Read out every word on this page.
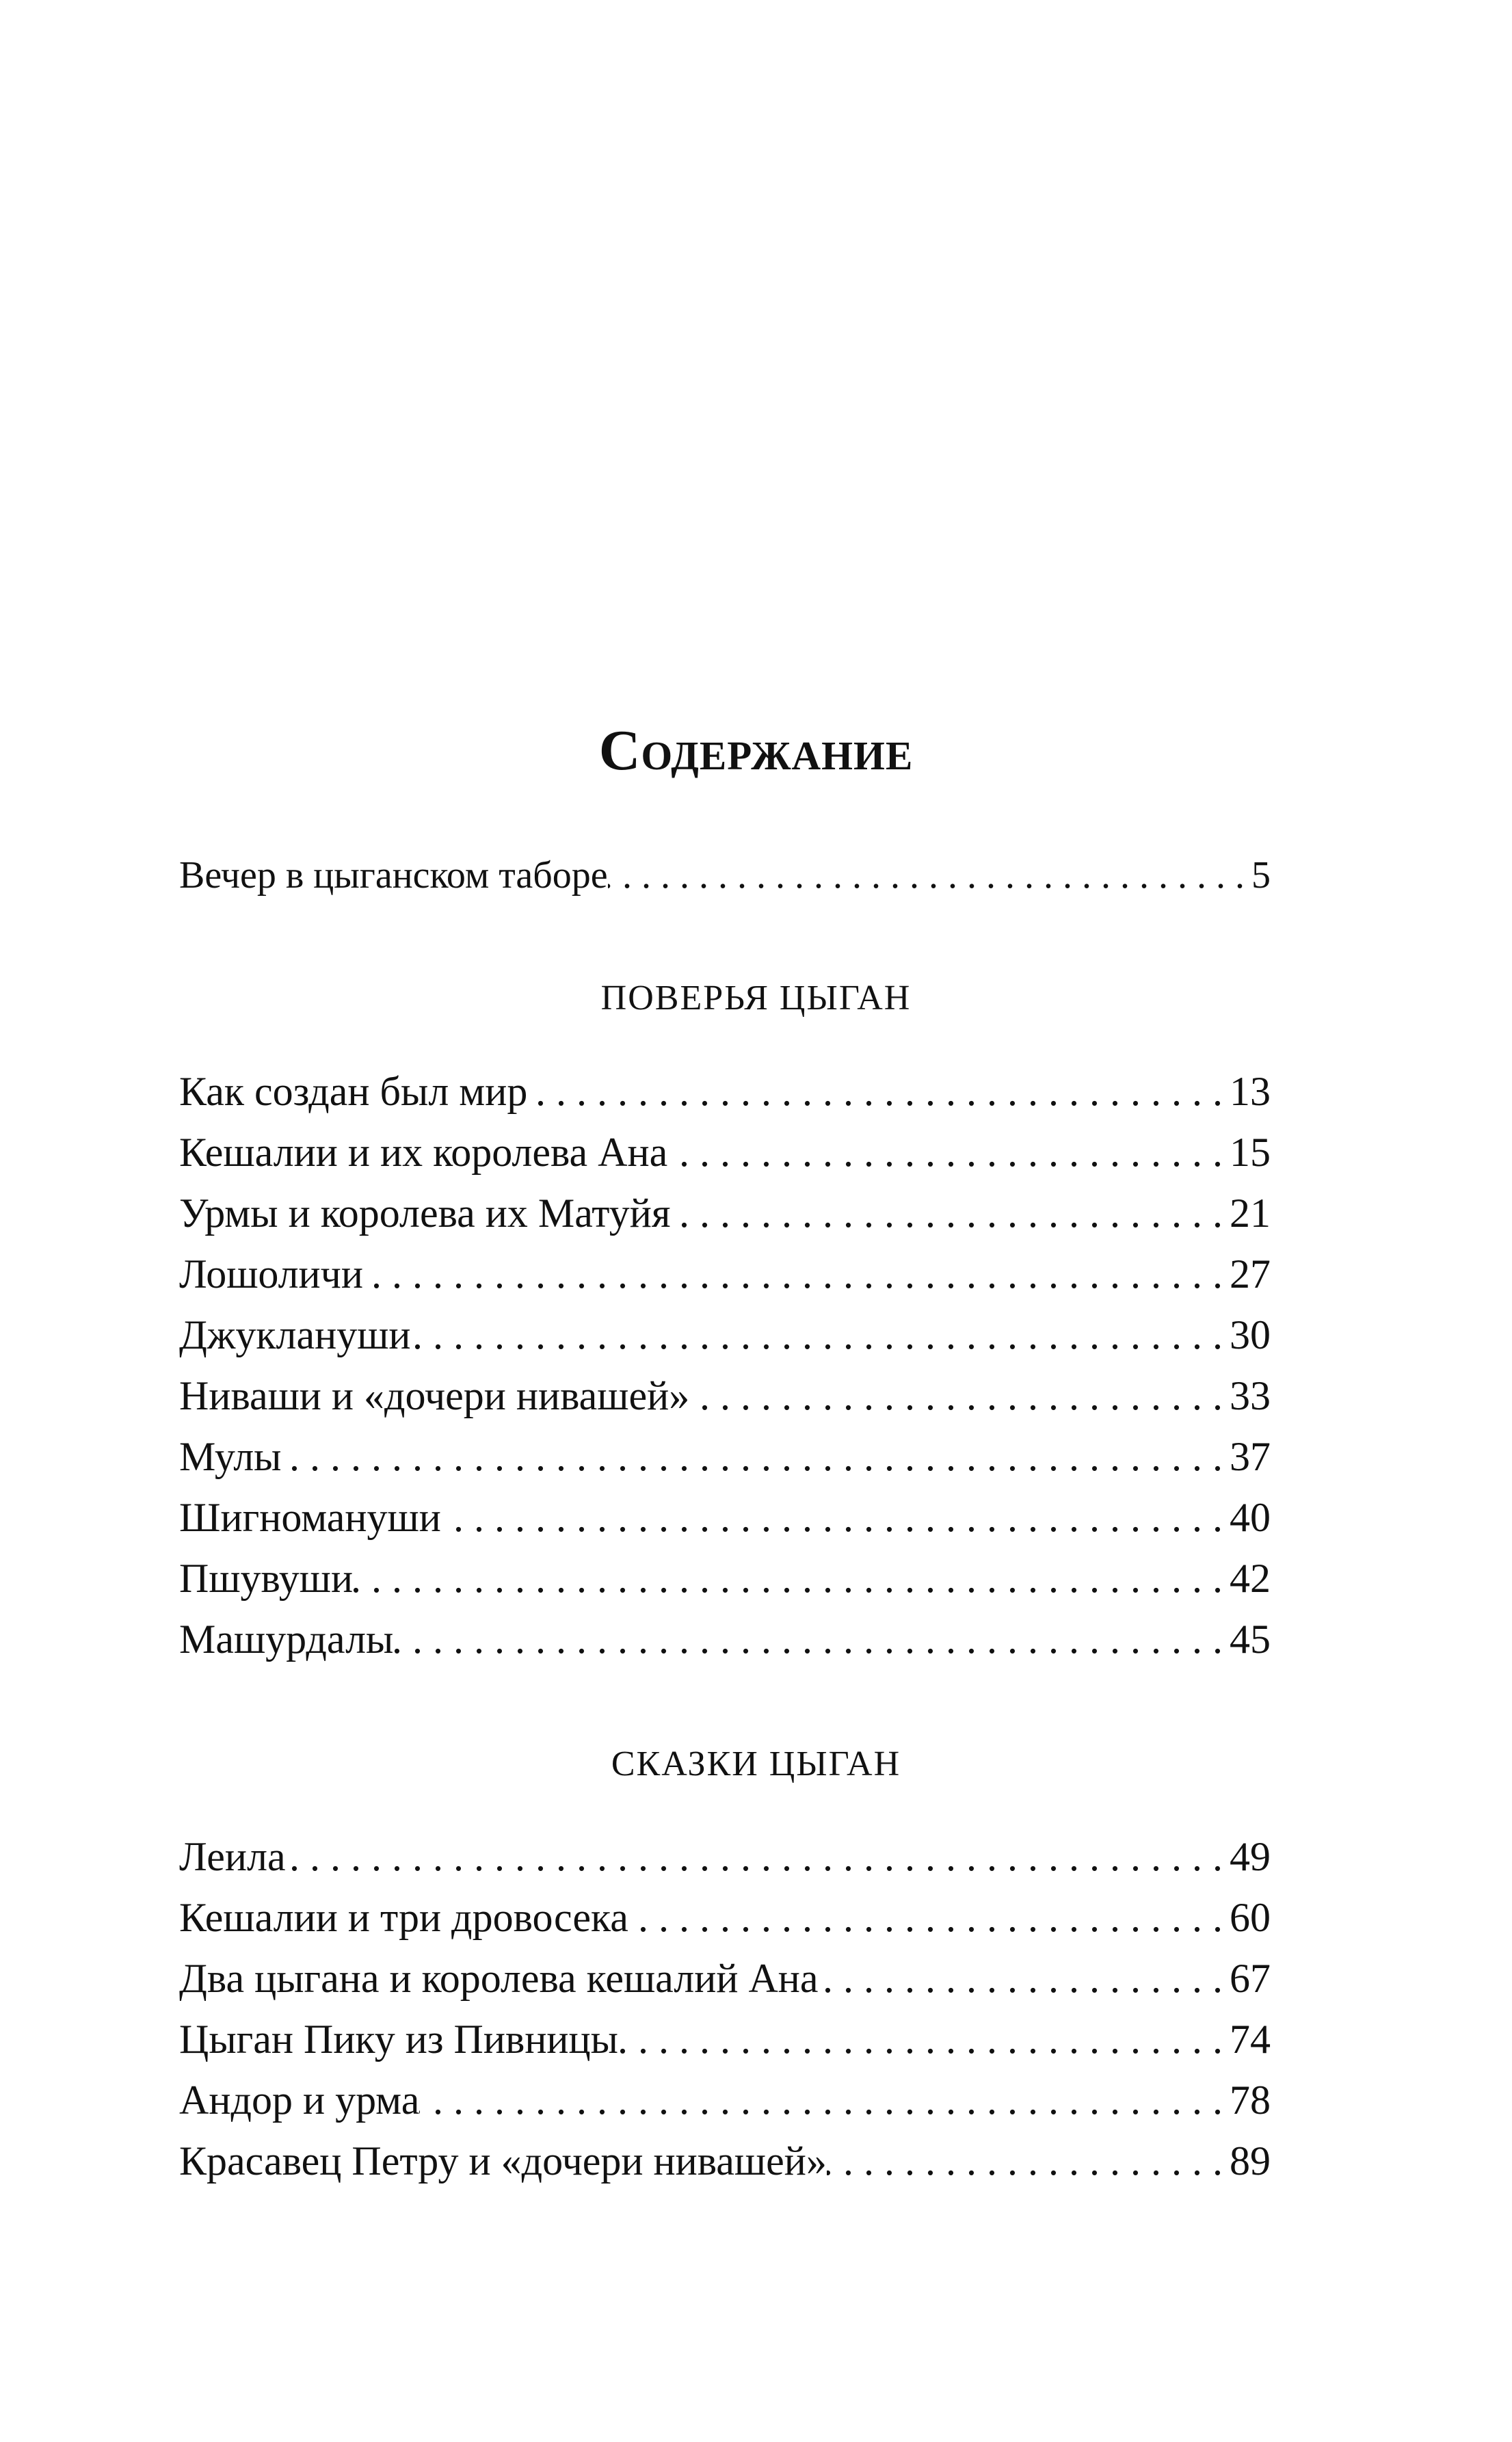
Содержание
Вечер в цыганском таборе . . .	5
ПОВЕРЬЯ ЦЫГАН
Как создан был мир . . .	13
Кешалии и их королева Ана . . .	15
Урмы и королева их Матуйя . . .	21
Лошоличи . . .	27
Джуклануши . . .	30
Ниваши и «дочери нивашей» . . .	33
Мулы . . .	37
Шигномануши . . .	40
Пшувуши . . .	42
Машурдалы . . .	45
СКАЗКИ ЦЫГАН
Леила . . .	49
Кешалии и три дровосека . . .	60
Два цыгана и королева кешалий Ана . . .	67
Цыган Пику из Пивницы . . .	74
Андор и урма . . .	78
Красавец Петру и «дочери нивашей» . . .	89
